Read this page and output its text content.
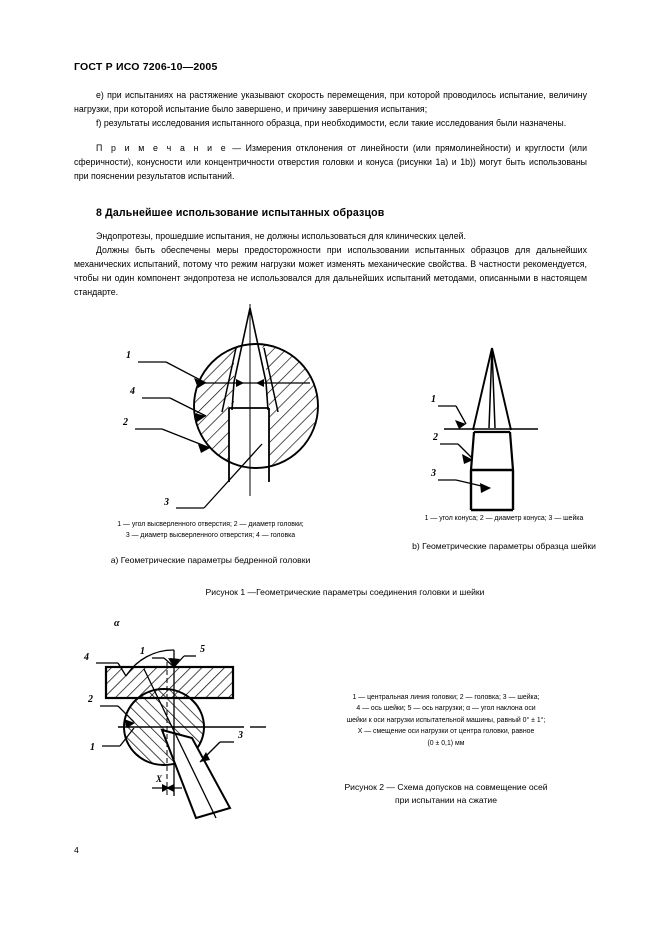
ГОСТ Р ИСО 7206-10—2005

е) при испытаниях на растяжение указывают скорость перемещения, при которой проводилось испытание, величину нагрузки, при которой испытание было завершено, и причину завершения испытания;

f) результаты исследования испытанного образца, при необходимости, если такие исследования были назначены.

П р и м е ч а н и е — Измерения отклонения от линейности (или прямолинейности) и круглости (или сферичности), конусности или концентричности отверстия головки и конуса (рисунки 1а) и 1b)) могут быть использованы при пояснении результатов испытаний.

8 Дальнейшее использование испытанных образцов

Эндопротезы, прошедшие испытания, не должны использоваться для клинических целей.

Должны быть обеспечены меры предосторожности при использовании испытанных образцов для дальнейших механических испытаний, потому что режим нагрузки может изменять механические свойства. В частности рекомендуется, чтобы ни один компонент эндопротеза не использовался для дальнейших испытаний методами, описанными в настоящем стандарте.

1
4
2
3
1
2
3
α
4
1	5
2
1
3
X
1 — угол высверленного отверстия; 2 — диаметр головки;
3 — диаметр высверленного отверстия; 4 — головка
а) Геометрические параметры бедренной головки
1 — угол конуса; 2 — диаметр конуса; 3 — шейка
b) Геометрические параметры образца шейки
Рисунок 1 —Геометрические параметры соединения головки и шейки
1 — центральная линия головки; 2 — головка; 3 — шейка;
4 — ось шейки; 5 — ось нагрузки; α — угол наклона оси
шейки к оси нагрузки испытательной машины, равный 0° ± 1°;
X — смещение оси нагрузки от центра головки, равное
(0 ± 0,1) мм
Рисунок 2 — Схема допусков на совмещение осей
при испытании на сжатие
4
